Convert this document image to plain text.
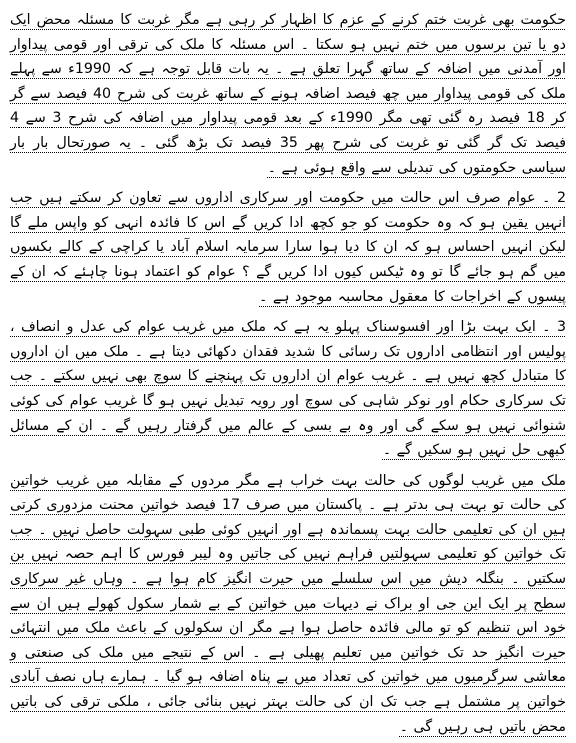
حکومت بھی غربت ختم کرنے کے عزم کا اظہار کر رہی ہے مگر غربت کا مسئلہ محض ایک دو یا تین برسوں میں ختم نہیں ہو سکتا ۔ اس مسئلہ کا ملک کی ترقی اور قومی پیداوار اور آمدنی میں اضافہ کے ساتھ گہرا تعلق ہے ۔ یہ بات قابل توجہ ہے کہ 1990ء سے پہلے ملک کی قومی پیداوار میں چھ فیصد اضافہ ہونے کے ساتھ غربت کی شرح 40 فیصد سے گر کر 18 فیصد رہ گئی تھی مگر 1990ء کے بعد قومی پیداوار میں اضافہ کی شرح 3 سے 4 فیصد تک گر گئی تو غربت کی شرح پھر 35 فیصد تک بڑھ گئی ۔ یہ صورتحال بار بار سیاسی حکومتوں کی تبدیلی سے واقع ہوئی ہے ۔

2 ۔ عوام صرف اس حالت میں حکومت اور سرکاری اداروں سے تعاون کر سکتے ہیں جب انہیں یقین ہو کہ وہ حکومت کو جو کچھ ادا کریں گے اس کا فائدہ انہی کو واپس ملے گا لیکن انہیں احساس ہو کہ ان کا دیا ہوا سارا سرمایہ اسلام آباد یا کراچی کے کالے بکسوں میں گم ہو جائے گا تو وہ ٹیکس کیوں ادا کریں گے ؟ عوام کو اعتماد ہونا چاہئے کہ ان کے پیسوں کے اخراجات کا معقول محاسبہ موجود ہے ۔

3 ۔ ایک بہت بڑا اور افسوسناک پہلو یہ ہے کہ ملک میں غریب عوام کی عدل و انصاف ، پولیس اور انتظامی اداروں تک رسائی کا شدید فقدان دکھائی دیتا ہے ۔ ملک میں ان اداروں کا متبادل کچھ نہیں ہے ۔ غریب عوام ان اداروں تک پہنچنے کا سوچ بھی نہیں سکتے ۔ جب تک سرکاری حکام اور نوکر شاہی کی سوچ اور رویہ تبدیل نہیں ہو گا غریب عوام کی کوئی شنوائی نہیں ہو سکے گی اور وہ بے بسی کے عالم میں گرفتار رہیں گے ۔ ان کے مسائل کبھی حل نہیں ہو سکیں گے ۔

ملک میں غریب لوگوں کی حالت بہت خراب ہے مگر مردوں کے مقابلہ میں غریب خواتین کی حالت تو بہت ہی بدتر ہے ۔ پاکستان میں صرف 17 فیصد خواتین محنت مزدوری کرتی ہیں ان کی تعلیمی حالت بہت پسماندہ ہے اور انہیں کوئی طبی سہولت حاصل نہیں ۔ جب تک خواتین کو تعلیمی سہولتیں فراہم نہیں کی جاتیں وہ لیبر فورس کا اہم حصہ نہیں بن سکتیں ۔ بنگلہ دیش میں اس سلسلے میں حیرت انگیز کام ہوا ہے ۔ وہاں غیر سرکاری سطح پر ایک این جی او براک نے دیہات میں خواتین کے بے شمار سکول کھولے ہیں ان سے خود اس تنظیم کو تو مالی فائدہ حاصل ہوا ہے مگر ان سکولوں کے باعث ملک میں انتہائی حیرت انگیز حد تک خواتین میں تعلیم پھیلی ہے ۔ اس کے نتیجے میں ملک کی صنعتی و معاشی سرگرمیوں میں خواتین کی تعداد میں بے پناہ اضافہ ہو گیا ۔ ہمارے ہاں نصف آبادی خواتین پر مشتمل ہے جب تک ان کی حالت بہتر نہیں بنائی جائی ، ملکی ترقی کی باتیں محض باتیں ہی رہیں گی ۔
